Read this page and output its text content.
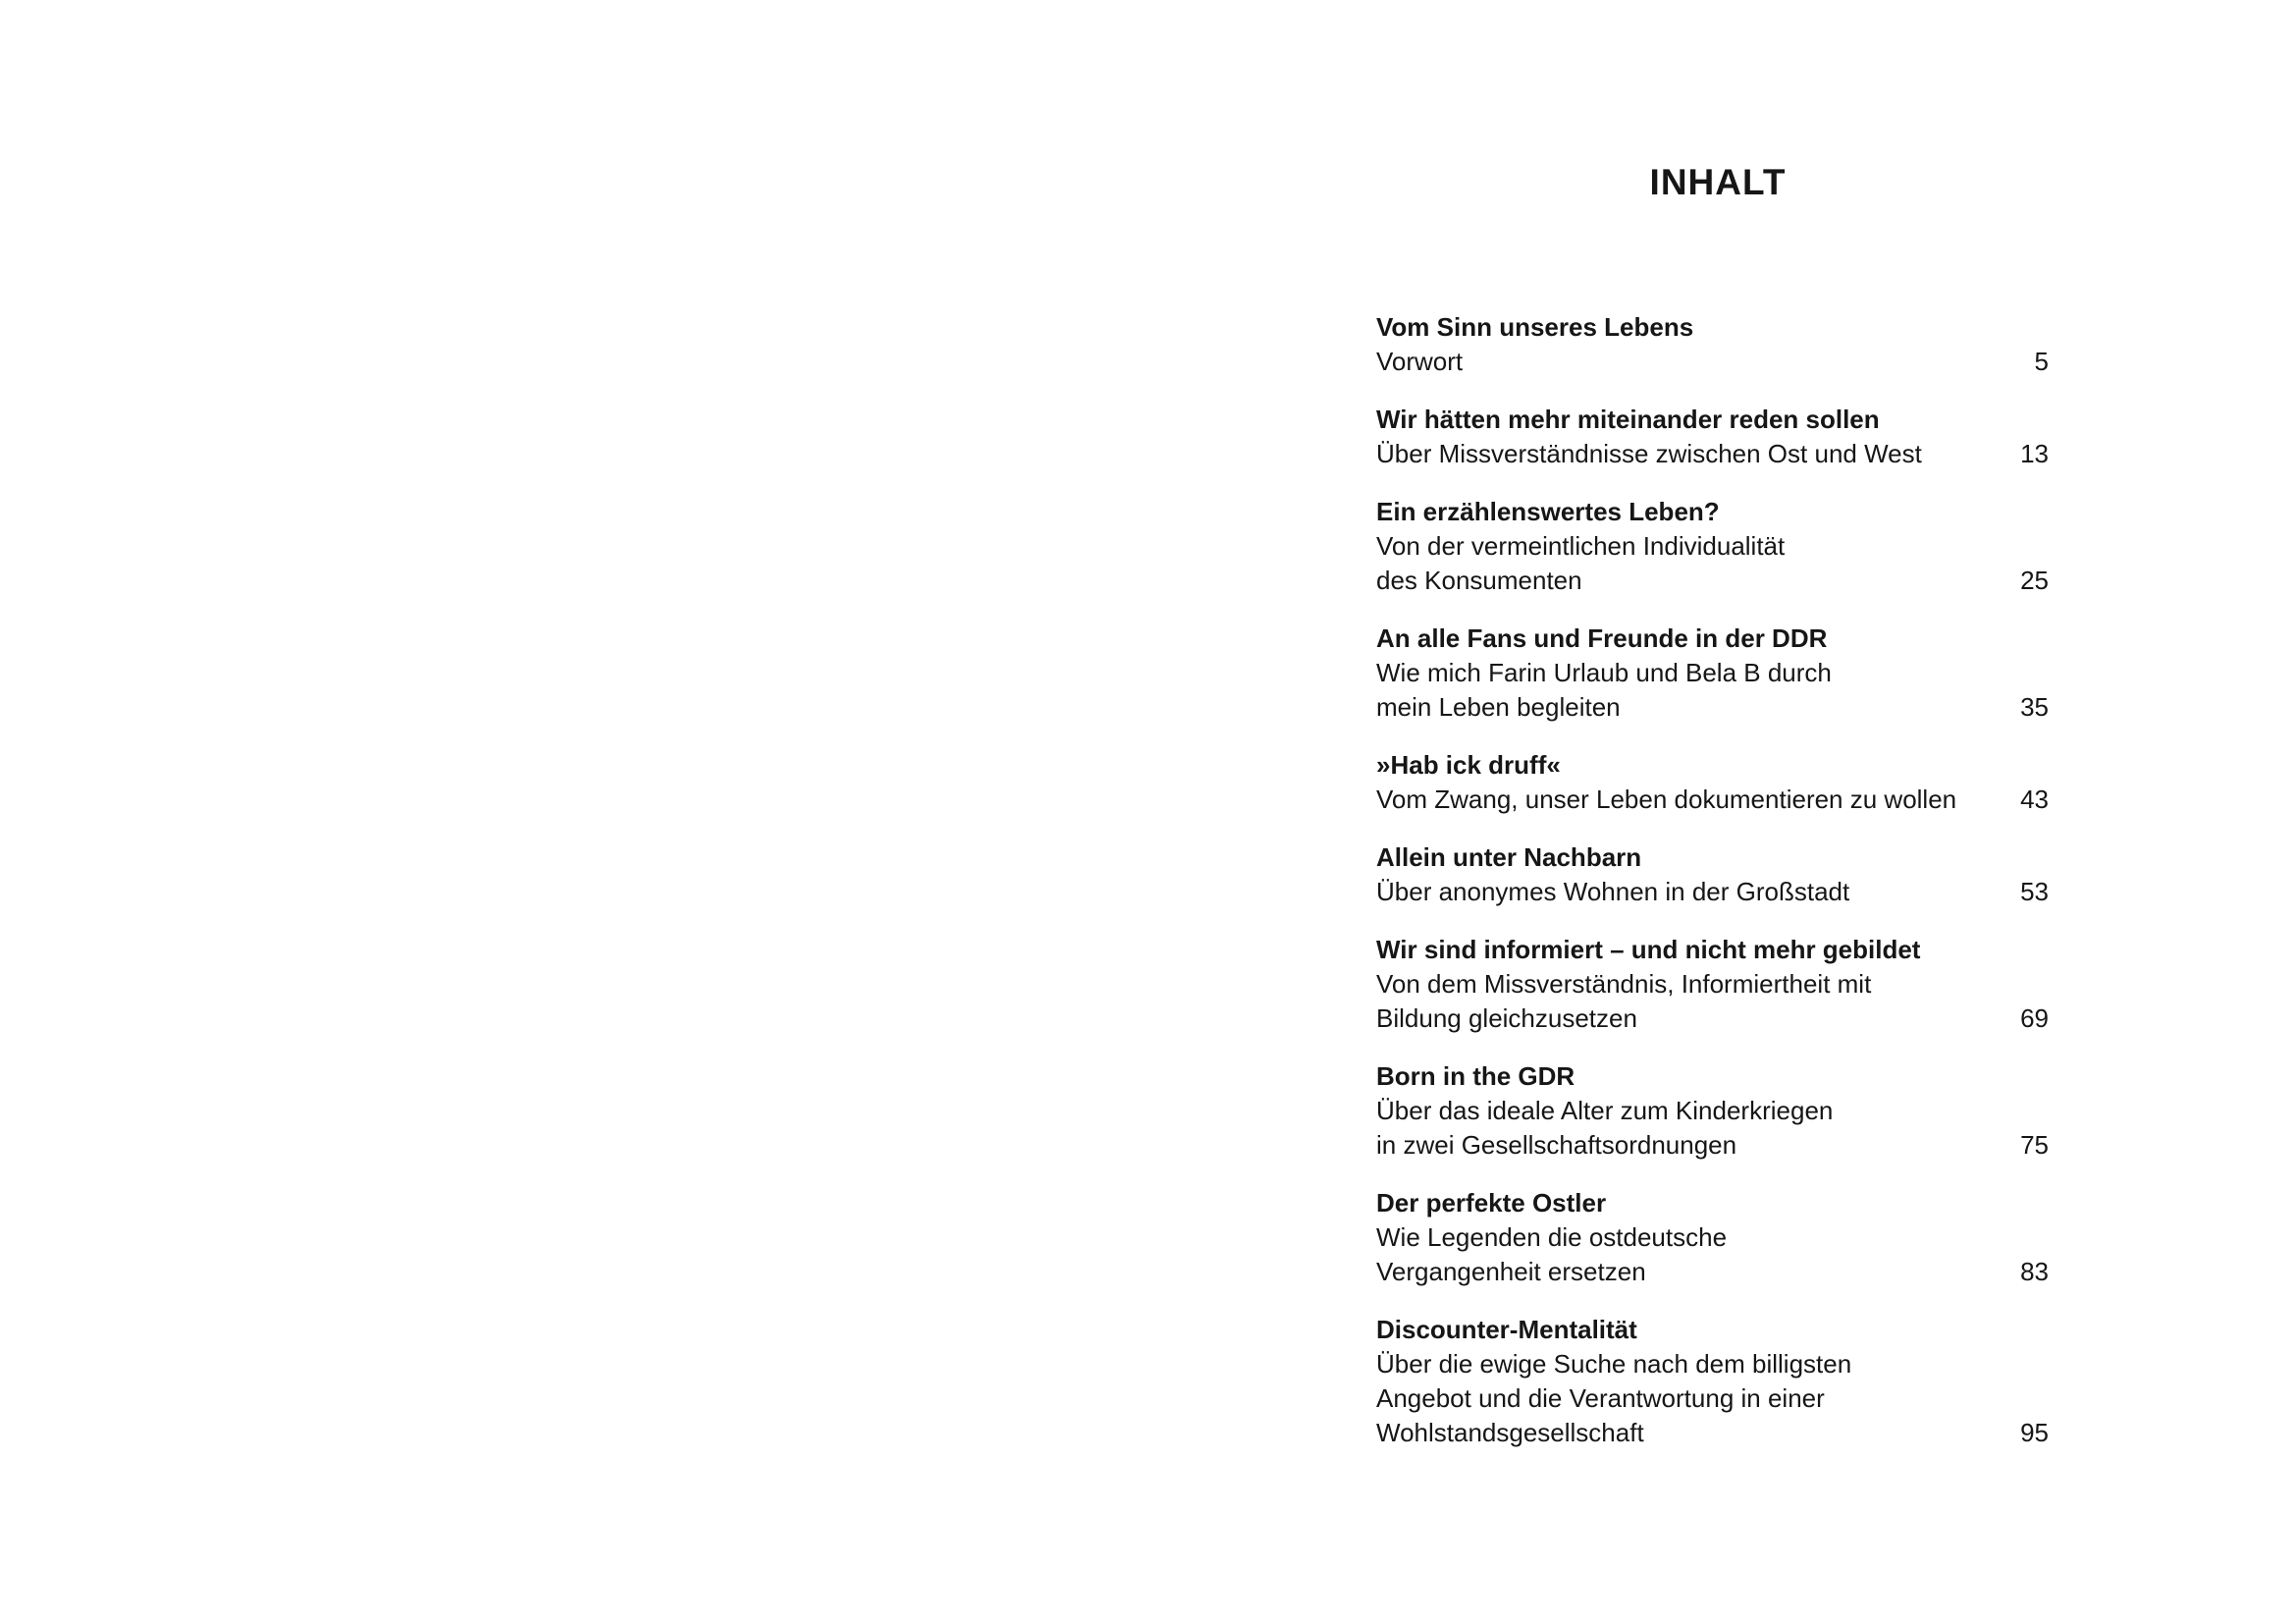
INHALT
Vom Sinn unseres Lebens
Vorwort	5
Wir hätten mehr miteinander reden sollen
Über Missverständnisse zwischen Ost und West	13
Ein erzählenswertes Leben?
Von der vermeintlichen Individualität
des Konsumenten	25
An alle Fans und Freunde in der DDR
Wie mich Farin Urlaub und Bela B durch
mein Leben begleiten	35
»Hab ick druff«
Vom Zwang, unser Leben dokumentieren zu wollen	43
Allein unter Nachbarn
Über anonymes Wohnen in der Großstadt	53
Wir sind informiert – und nicht mehr gebildet
Von dem Missverständnis, Informiertheit mit
Bildung gleichzusetzen	69
Born in the GDR
Über das ideale Alter zum Kinderkriegen
in zwei Gesellschaftsordnungen	75
Der perfekte Ostler
Wie Legenden die ostdeutsche
Vergangenheit ersetzen	83
Discounter-Mentalität
Über die ewige Suche nach dem billigsten
Angebot und die Verantwortung in einer
Wohlstandsgesellschaft	95
